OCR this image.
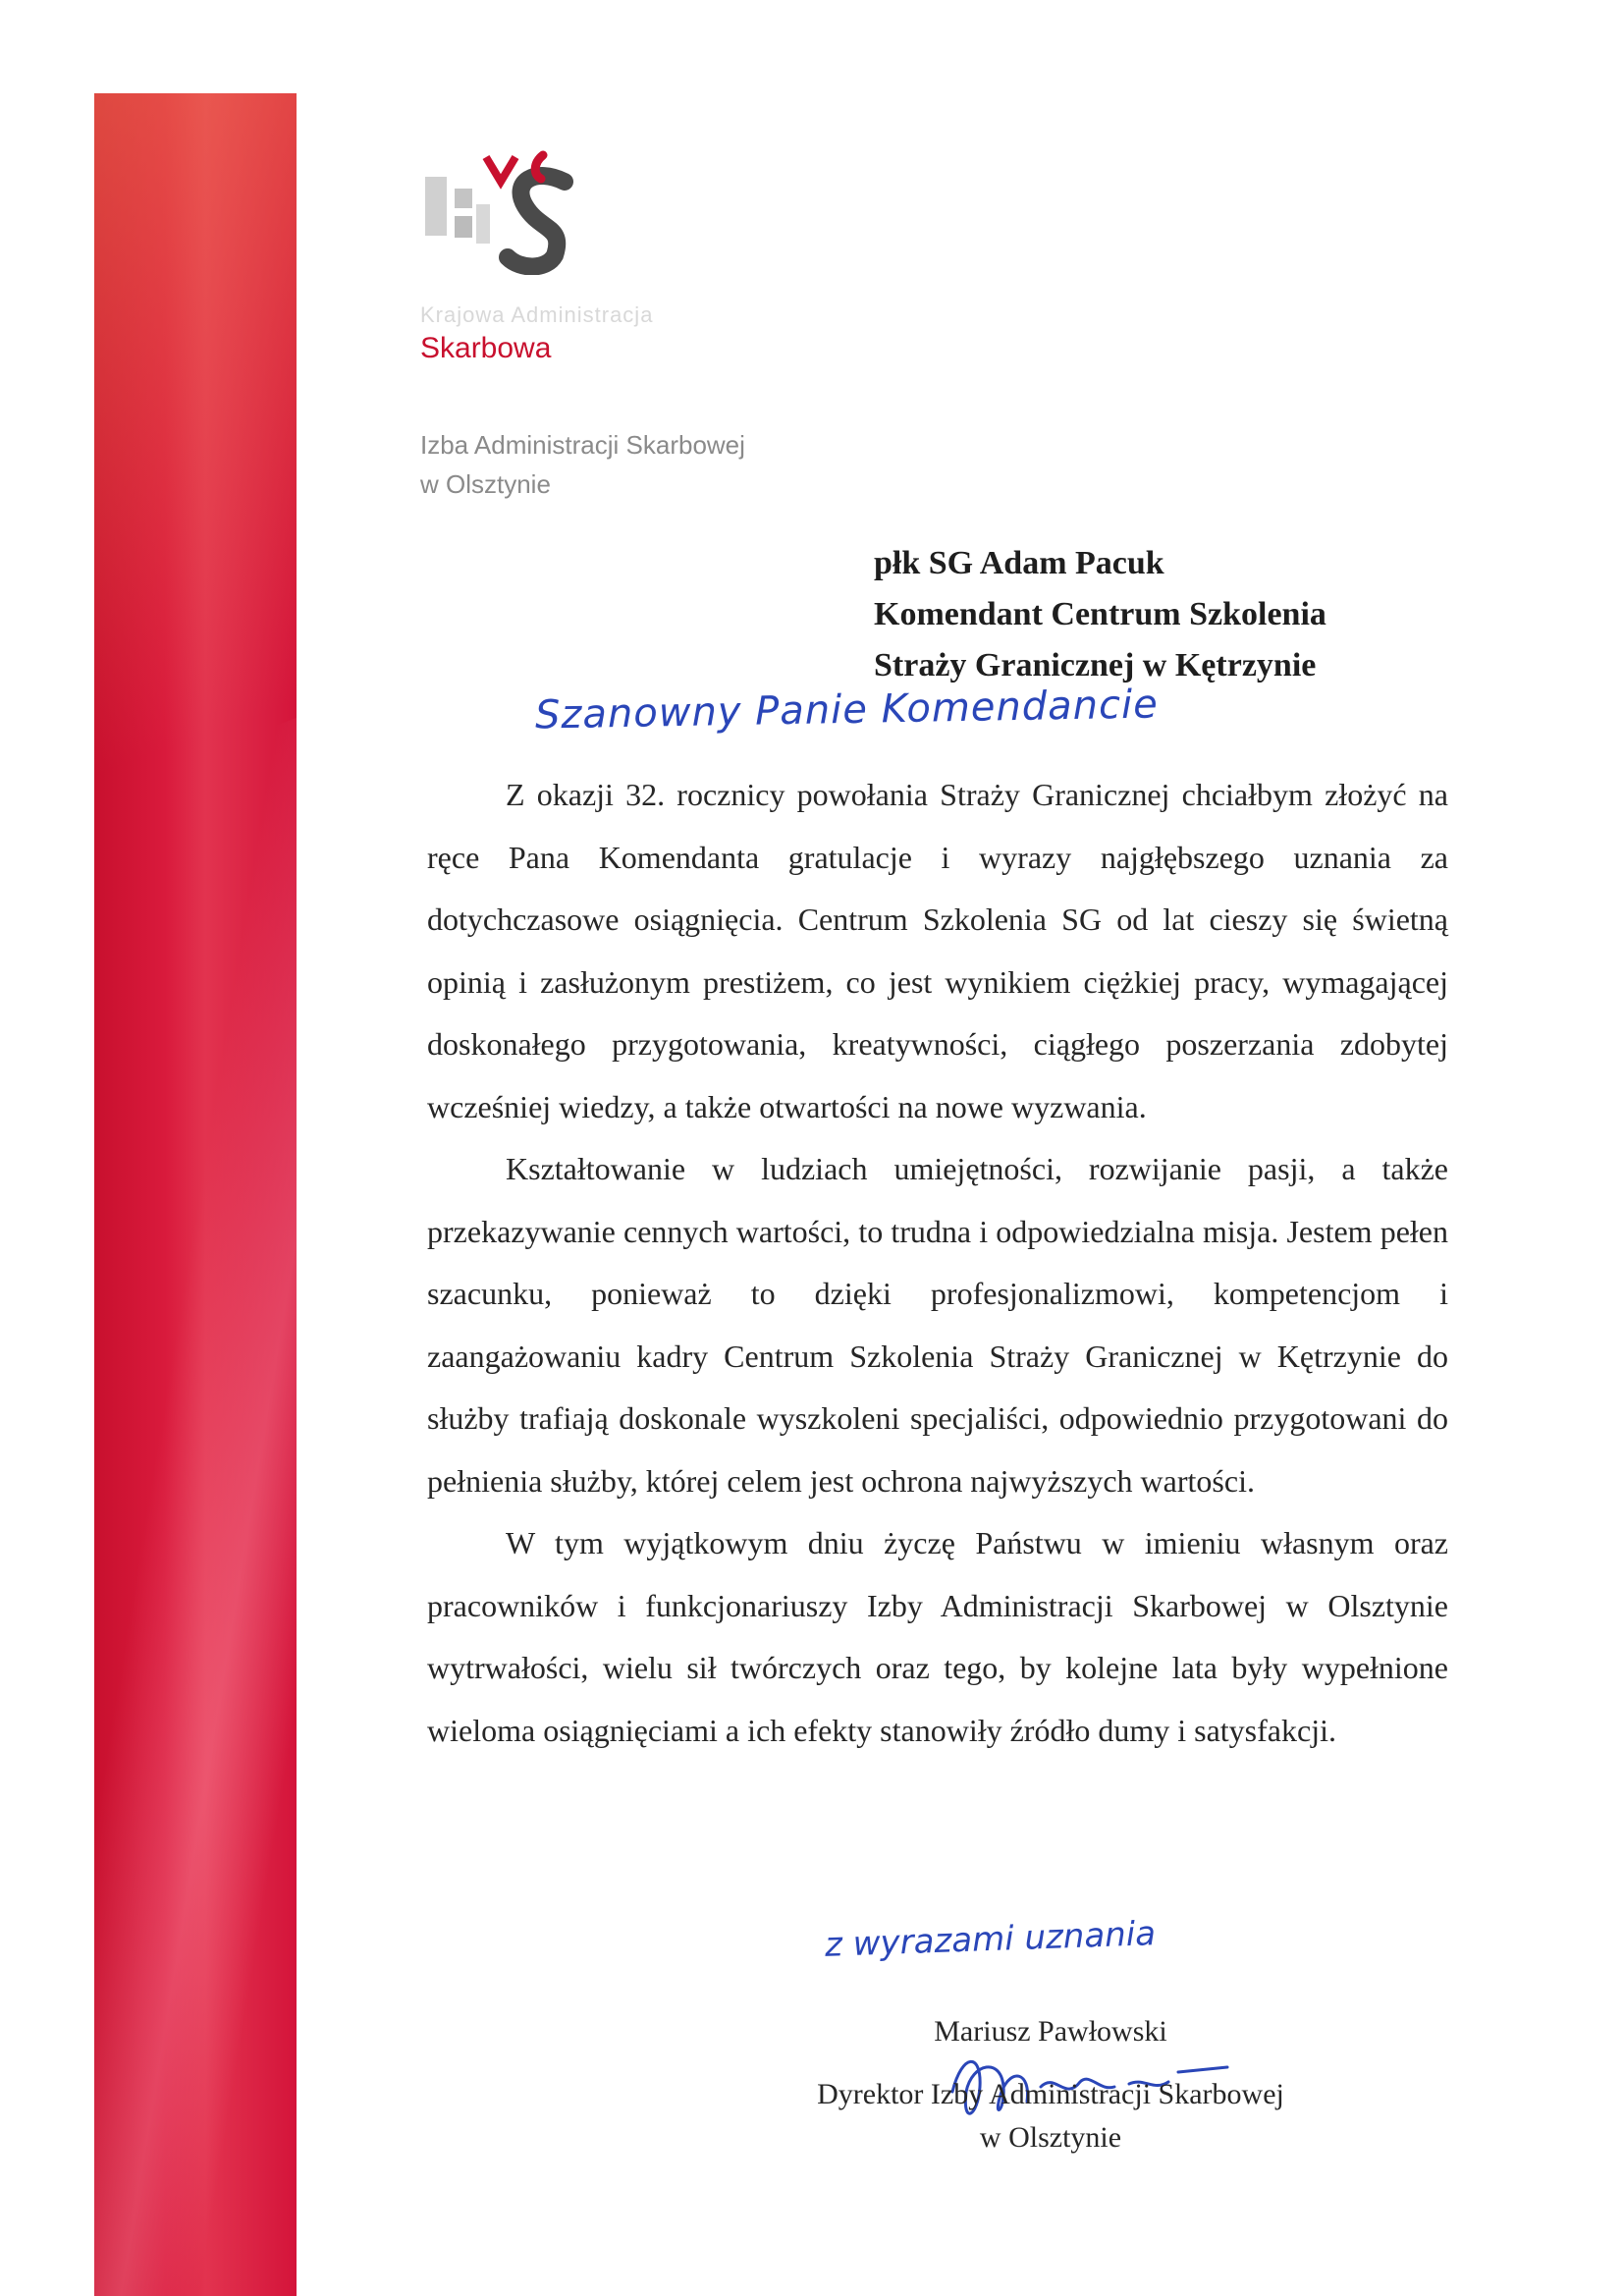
Krajowa Administracja
Skarbowa
Izba Administracji Skarbowej
w Olsztynie
płk SG Adam Pacuk
Komendant Centrum Szkolenia
Straży Granicznej w Kętrzynie
Szanowny Panie Komendancie

Z okazji 32. rocznicy powołania Straży Granicznej chciałbym złożyć na ręce Pana Komendanta gratulacje i wyrazy najgłębszego uznania za dotychczasowe osiągnięcia. Centrum Szkolenia SG od lat cieszy się świetną opinią i zasłużonym prestiżem, co jest wynikiem ciężkiej pracy, wymagającej doskonałego przygotowania, kreatywności, ciągłego poszerzania zdobytej wcześniej wiedzy, a także otwartości na nowe wyzwania.

Kształtowanie w ludziach umiejętności, rozwijanie pasji, a także przekazywanie cennych wartości, to trudna i odpowiedzialna misja. Jestem pełen szacunku, ponieważ to dzięki profesjonalizmowi, kompetencjom i zaangażowaniu kadry Centrum Szkolenia Straży Granicznej w Kętrzynie do służby trafiają doskonale wyszkoleni specjaliści, odpowiednio przygotowani do pełnienia służby, której celem jest ochrona najwyższych wartości.

W tym wyjątkowym dniu życzę Państwu w imieniu własnym oraz pracowników i funkcjonariuszy Izby Administracji Skarbowej w Olsztynie wytrwałości, wielu sił twórczych oraz tego, by kolejne lata były wypełnione wieloma osiągnięciami a ich efekty stanowiły źródło dumy i satysfakcji.

z wyrazami uznania
Mariusz Pawłowski
Dyrektor Izby Administracji Skarbowej
w Olsztynie
